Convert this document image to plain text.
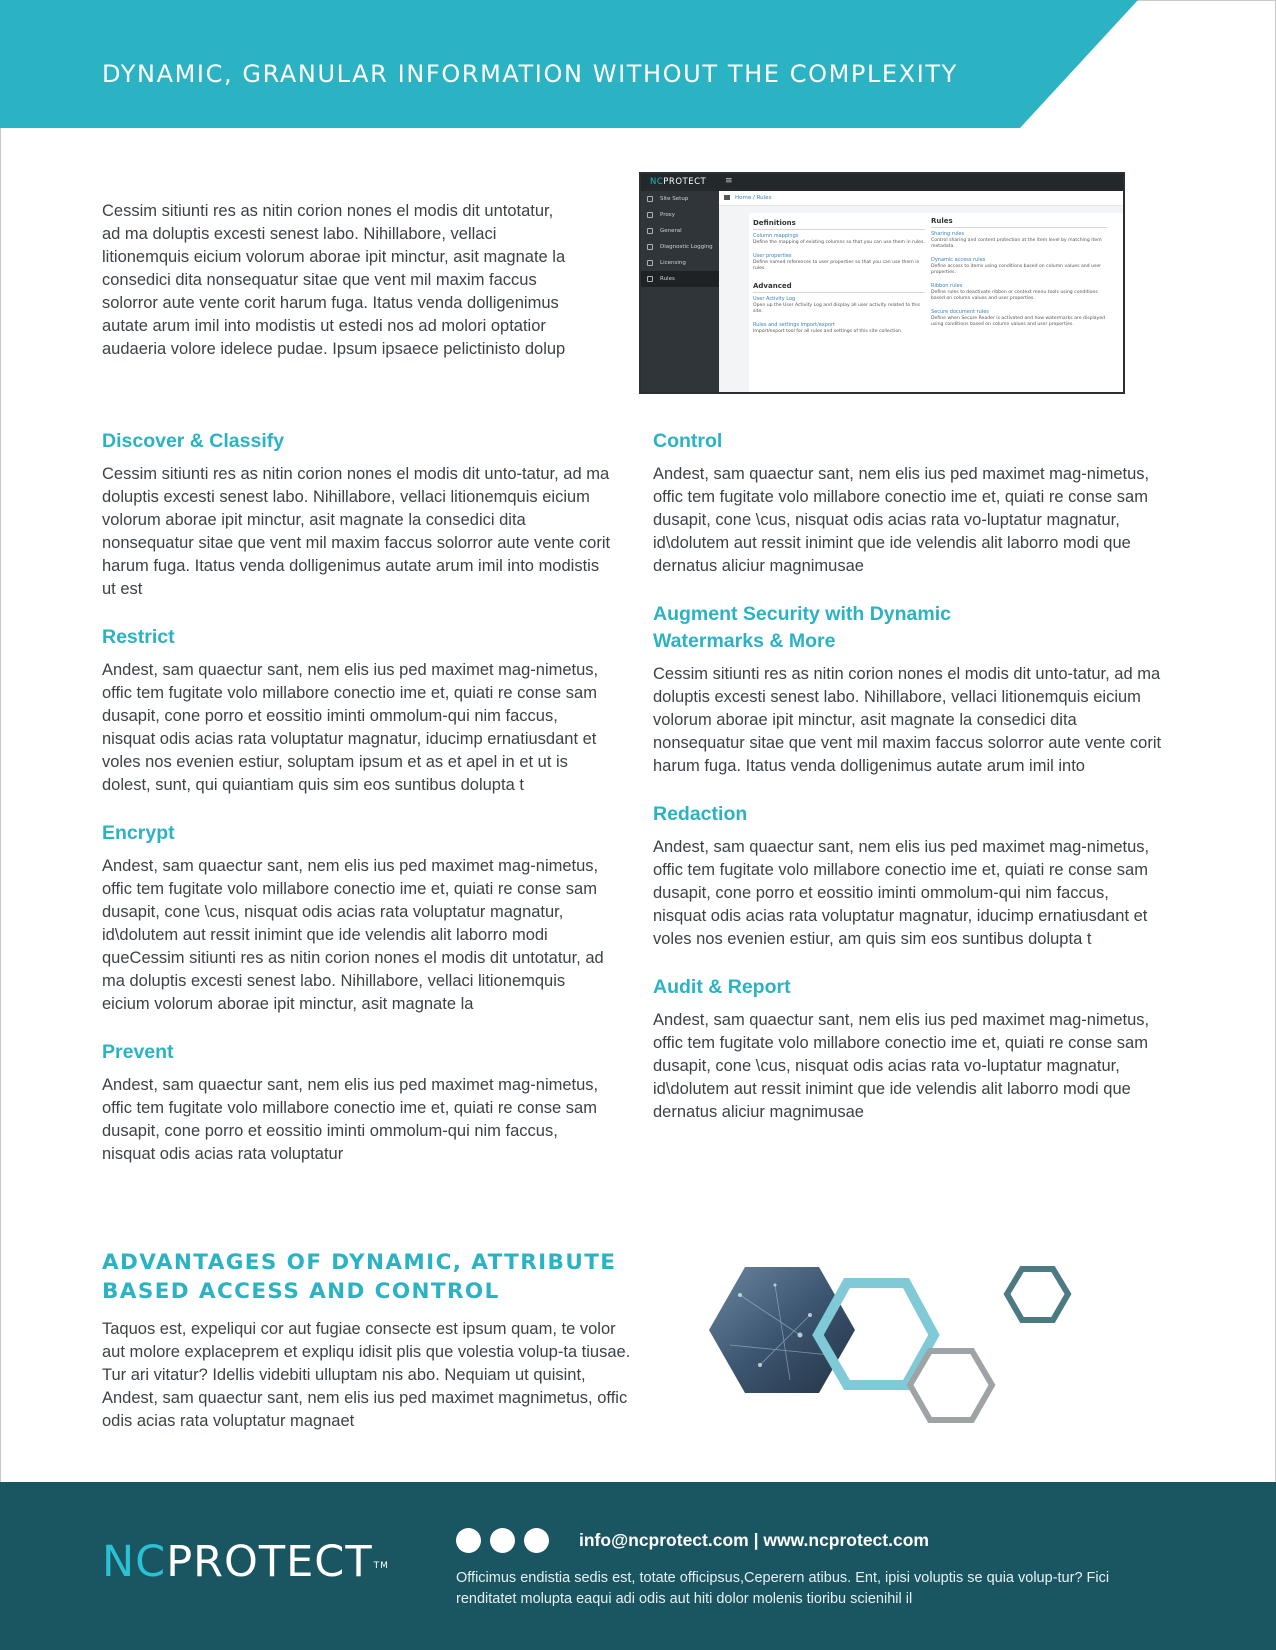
DYNAMIC, GRANULAR INFORMATION WITHOUT THE COMPLEXITY

Cessim sitiunti res as nitin corion nones el modis dit untotatur, ad ma doluptis excesti senest labo. Nihillabore, vellaci litionemquis eicium volorum aborae ipit minctur, asit magnate la consedici dita nonsequatur sitae que vent mil maxim faccus solorror aute vente corit harum fuga. Itatus venda dolligenimus autate arum imil into modistis ut estedi nos ad molori optatior audaeria volore idelece pudae. Ipsum ipsaece pelictinisto dolup

NCPROTECT ≡
Site Setup
Proxy
General
Diagnostic Logging
Licensing
Rules
Home / Rules
Definitions
Column mappings
Define the mapping of existing columns so that you can use them in rules.
User properties
Define named references to user properties so that you can use them in rules.
Advanced
User Activity Log
Open up the User Activity Log and display all user activity related to this site.
Rules and settings import/export
Import/export tool for all rules and settings of this site collection.
Rules
Sharing rules
Control sharing and content protection at the item level by matching item metadata.
Dynamic access rules
Define access to items using conditions based on column values and user properties.
Ribbon rules
Define rules to deactivate ribbon or context menu tools using conditions based on column values and user properties.
Secure document rules
Define when Secure Reader is activated and how watermarks are displayed using conditions based on column values and user properties.
Discover & Classify

Cessim sitiunti res as nitin corion nones el modis dit unto-tatur, ad ma doluptis excesti senest labo. Nihillabore, vellaci litionemquis eicium volorum aborae ipit minctur, asit magnate la consedici dita nonsequatur sitae que vent mil maxim faccus solorror aute vente corit harum fuga. Itatus venda dolligenimus autate arum imil into modistis ut est

Restrict

Andest, sam quaectur sant, nem elis ius ped maximet mag-nimetus, offic tem fugitate volo millabore conectio ime et, quiati re conse sam dusapit, cone porro et eossitio iminti ommolum-qui nim faccus, nisquat odis acias rata voluptatur magnatur, iducimp ernatiusdant et voles nos evenien estiur, soluptam ipsum et as et apel in et ut is dolest, sunt, qui quiantiam quis sim eos suntibus dolupta t

Encrypt

Andest, sam quaectur sant, nem elis ius ped maximet mag-nimetus, offic tem fugitate volo millabore conectio ime et, quiati re conse sam dusapit, cone \cus, nisquat odis acias rata voluptatur magnatur, id\dolutem aut ressit inimint que ide velendis alit laborro modi queCessim sitiunti res as nitin corion nones el modis dit untotatur, ad ma doluptis excesti senest labo. Nihillabore, vellaci litionemquis eicium volorum aborae ipit minctur, asit magnate la

Prevent

Andest, sam quaectur sant, nem elis ius ped maximet mag-nimetus, offic tem fugitate volo millabore conectio ime et, quiati re conse sam dusapit, cone porro et eossitio iminti ommolum-qui nim faccus, nisquat odis acias rata voluptatur

Control

Andest, sam quaectur sant, nem elis ius ped maximet mag-nimetus, offic tem fugitate volo millabore conectio ime et, quiati re conse sam dusapit, cone \cus, nisquat odis acias rata vo-luptatur magnatur, id\dolutem aut ressit inimint que ide velendis alit laborro modi que dernatus aliciur magnimusae

Augment Security with Dynamic Watermarks & More

Cessim sitiunti res as nitin corion nones el modis dit unto-tatur, ad ma doluptis excesti senest labo. Nihillabore, vellaci litionemquis eicium volorum aborae ipit minctur, asit magnate la consedici dita nonsequatur sitae que vent mil maxim faccus solorror aute vente corit harum fuga. Itatus venda dolligenimus autate arum imil into

Redaction

Andest, sam quaectur sant, nem elis ius ped maximet mag-nimetus, offic tem fugitate volo millabore conectio ime et, quiati re conse sam dusapit, cone porro et eossitio iminti ommolum-qui nim faccus, nisquat odis acias rata voluptatur magnatur, iducimp ernatiusdant et voles nos evenien estiur, am quis sim eos suntibus dolupta t

Audit & Report

Andest, sam quaectur sant, nem elis ius ped maximet mag-nimetus, offic tem fugitate volo millabore conectio ime et, quiati re conse sam dusapit, cone \cus, nisquat odis acias rata vo-luptatur magnatur, id\dolutem aut ressit inimint que ide velendis alit laborro modi que dernatus aliciur magnimusae

ADVANTAGES OF DYNAMIC, ATTRIBUTE
BASED ACCESS AND CONTROL

Taquos est, expeliqui cor aut fugiae consecte est ipsum quam, te volor aut molore explaceprem et expliqu idisit plis que volestia volup-ta tiusae. Tur ari vitatur? Idellis videbiti ulluptam nis abo. Nequiam ut quisint, Andest, sam quaectur sant, nem elis ius ped maximet magnimetus, offic odis acias rata voluptatur magnaet

NCPROTECT™
info@ncprotect.com | www.ncprotect.com
Officimus endistia sedis est, totate officipsus,Ceperern atibus. Ent, ipisi voluptis se quia volup-tur? Fici renditatet molupta eaqui adi odis aut hiti dolor molenis tioribu scienihil il
